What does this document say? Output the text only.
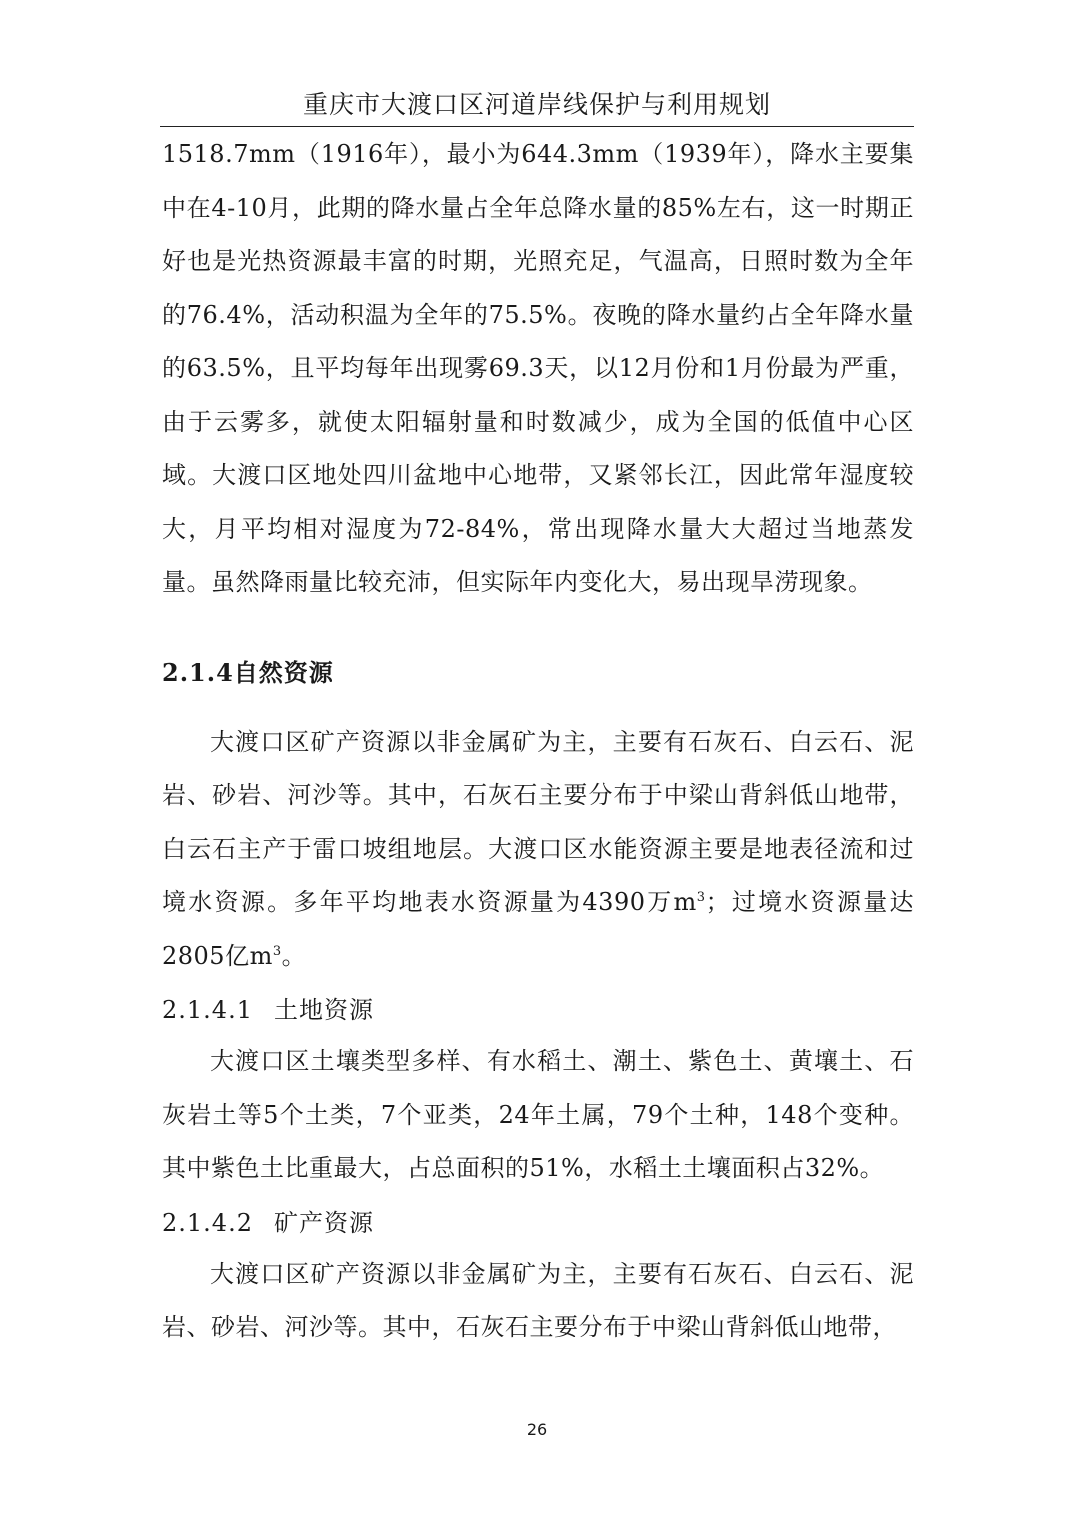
重庆市大渡口区河道岸线保护与利用规划

1518.7mm（1916年），最小为644.3mm（1939年），降水主要集中在4-10月，此期的降水量占全年总降水量的85%左右，这一时期正好也是光热资源最丰富的时期，光照充足，气温高，日照时数为全年的76.4%，活动积温为全年的75.5%。夜晚的降水量约占全年降水量的63.5%，且平均每年出现雾69.3天，以12月份和1月份最为严重，由于云雾多，就使太阳辐射量和时数减少，成为全国的低值中心区域。大渡口区地处四川盆地中心地带，又紧邻长江，因此常年湿度较大，月平均相对湿度为72-84%，常出现降水量大大超过当地蒸发量。虽然降雨量比较充沛，但实际年内变化大，易出现旱涝现象。

2.1.4自然资源

大渡口区矿产资源以非金属矿为主，主要有石灰石、白云石、泥岩、砂岩、河沙等。其中，石灰石主要分布于中梁山背斜低山地带，白云石主产于雷口坡组地层。大渡口区水能资源主要是地表径流和过境水资源。多年平均地表水资源量为4390万$m^3$；过境水资源量达2805亿$m^3$。

2.1.4.1 土地资源

大渡口区土壤类型多样、有水稻土、潮土、紫色土、黄壤土、石灰岩土等5个土类，7个亚类，24年土属，79个土种，148个变种。其中紫色土比重最大，占总面积的51%，水稻土土壤面积占32%。

2.1.4.2 矿产资源

大渡口区矿产资源以非金属矿为主，主要有石灰石、白云石、泥岩、砂岩、河沙等。其中，石灰石主要分布于中梁山背斜低山地带，

26
